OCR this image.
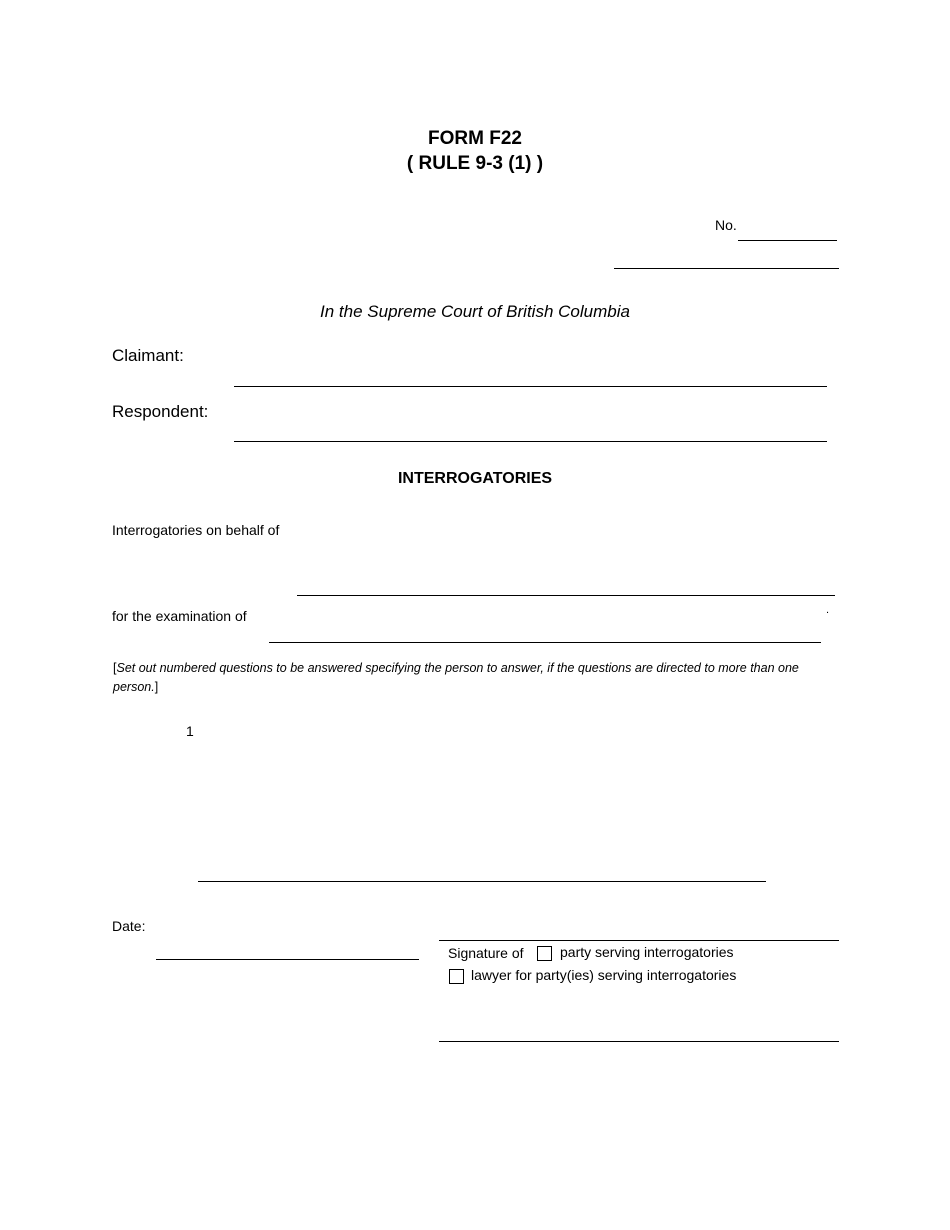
FORM F22
( RULE 9-3 (1) )
No.
In the Supreme Court of British Columbia
Claimant:
Respondent:
INTERROGATORIES
Interrogatories on behalf of
for the examination of	.
[Set out numbered questions to be answered specifying the person to answer, if the questions are directed to more than one person.]
1
Date:
Signature of	party serving interrogatories
lawyer for party(ies) serving interrogatories
